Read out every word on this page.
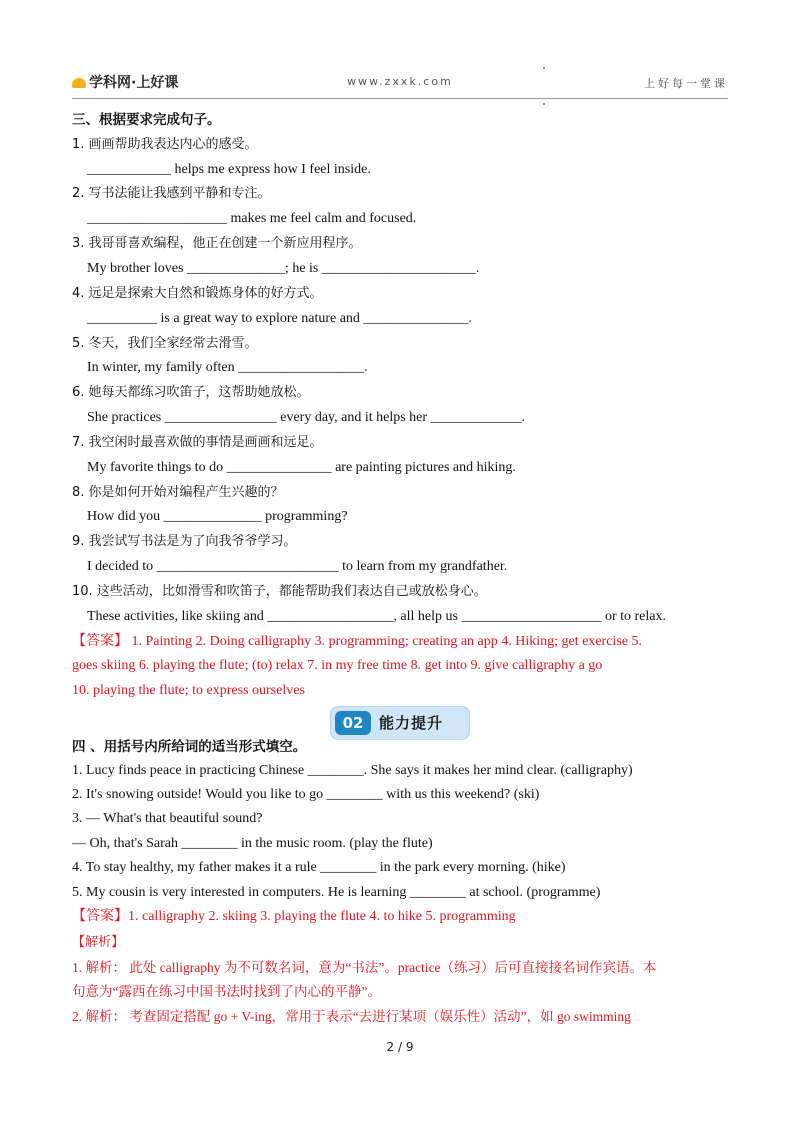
学科网·上好课	www.zxxk.com	上好每一堂课
三、根据要求完成句子。
1. 画画帮助我表达内心的感受。
____________ helps me express how I feel inside.
2. 写书法能让我感到平静和专注。
____________________ makes me feel calm and focused.
3. 我哥哥喜欢编程，他正在创建一个新应用程序。
My brother loves ______________; he is ______________________.
4. 远足是探索大自然和锻炼身体的好方式。
__________ is a great way to explore nature and _______________.
5. 冬天，我们全家经常去滑雪。
In winter, my family often __________________.
6. 她每天都练习吹笛子，这帮助她放松。
She practices ________________ every day, and it helps her _____________.
7. 我空闲时最喜欢做的事情是画画和远足。
My favorite things to do _______________ are painting pictures and hiking.
8. 你是如何开始对编程产生兴趣的？
How did you ______________ programming?
9. 我尝试写书法是为了向我爷爷学习。
I decided to __________________________ to learn from my grandfather.
10. 这些活动，比如滑雪和吹笛子，都能帮助我们表达自己或放松身心。
These activities, like skiing and __________________, all help us ____________________ or to relax.
【答案】 1. Painting 2. Doing calligraphy 3. programming; creating an app 4. Hiking; get exercise 5.
goes skiing 6. playing the flute; (to) relax 7. in my free time 8. get into 9. give calligraphy a go
10. playing the flute; to express ourselves
02	能力提升
四 、用括号内所给词的适当形式填空。
1. Lucy finds peace in practicing Chinese ________. She says it makes her mind clear. (calligraphy)
2. It's snowing outside! Would you like to go ________ with us this weekend? (ski)
3. — What's that beautiful sound?
— Oh, that's Sarah ________ in the music room. (play the flute)
4. To stay healthy, my father makes it a rule ________ in the park every morning. (hike)
5. My cousin is very interested in computers. He is learning ________ at school. (programme)
【答案】1. calligraphy 2. skiing 3. playing the flute 4. to hike 5. programming
【解析】
1. 解析： 此处 calligraphy 为不可数名词，意为“书法”。practice（练习）后可直接接名词作宾语。本
句意为“露西在练习中国书法时找到了内心的平静”。
2. 解析： 考查固定搭配 go + V-ing，常用于表示“去进行某项（娱乐性）活动”，如 go swimming
2 / 9
